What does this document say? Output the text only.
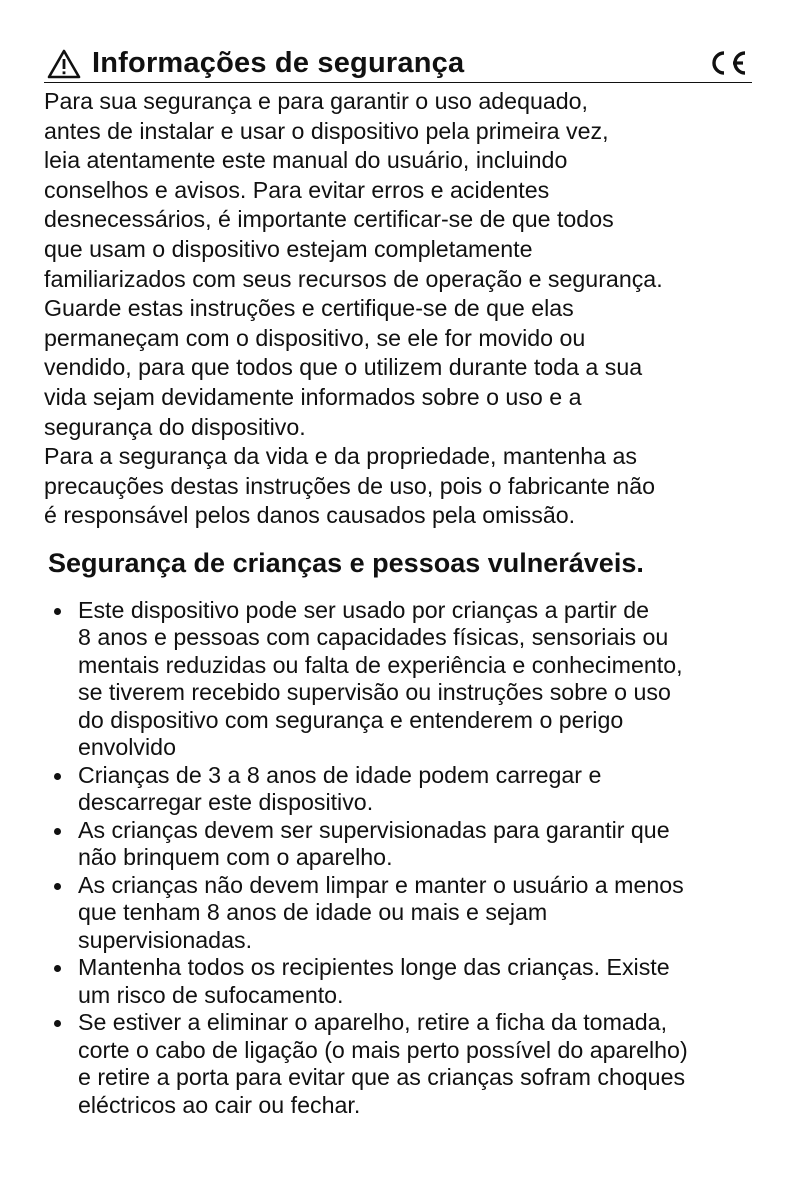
Informações de segurança
Para sua segurança e para garantir o uso adequado,
antes de instalar e usar o dispositivo pela primeira vez,
leia atentamente este manual do usuário, incluindo
conselhos e avisos. Para evitar erros e acidentes
desnecessários, é importante certificar-se de que todos
que usam o dispositivo estejam completamente
familiarizados com seus recursos de operação e segurança.
Guarde estas instruções e certifique-se de que elas
permaneçam com o dispositivo, se ele for movido ou
vendido, para que todos que o utilizem durante toda a sua
vida sejam devidamente informados sobre o uso e a
segurança do dispositivo.
Para a segurança da vida e da propriedade, mantenha as
precauções destas instruções de uso, pois o fabricante não
é responsável pelos danos causados pela omissão.
Segurança de crianças e pessoas vulneráveis.
Este dispositivo pode ser usado por crianças a partir de
8 anos e pessoas com capacidades físicas, sensoriais ou
mentais reduzidas ou falta de experiência e conhecimento,
se tiverem recebido supervisão ou instruções sobre o uso
do dispositivo com segurança e entenderem o perigo
envolvido
Crianças de 3 a 8 anos de idade podem carregar e
descarregar este dispositivo.
As crianças devem ser supervisionadas para garantir que
não brinquem com o aparelho.
As crianças não devem limpar e manter o usuário a menos
que tenham 8 anos de idade ou mais e sejam
supervisionadas.
Mantenha todos os recipientes longe das crianças. Existe
um risco de sufocamento.
Se estiver a eliminar o aparelho, retire a ficha da tomada,
corte o cabo de ligação (o mais perto possível do aparelho)
e retire a porta para evitar que as crianças sofram choques
eléctricos ao cair ou fechar.
